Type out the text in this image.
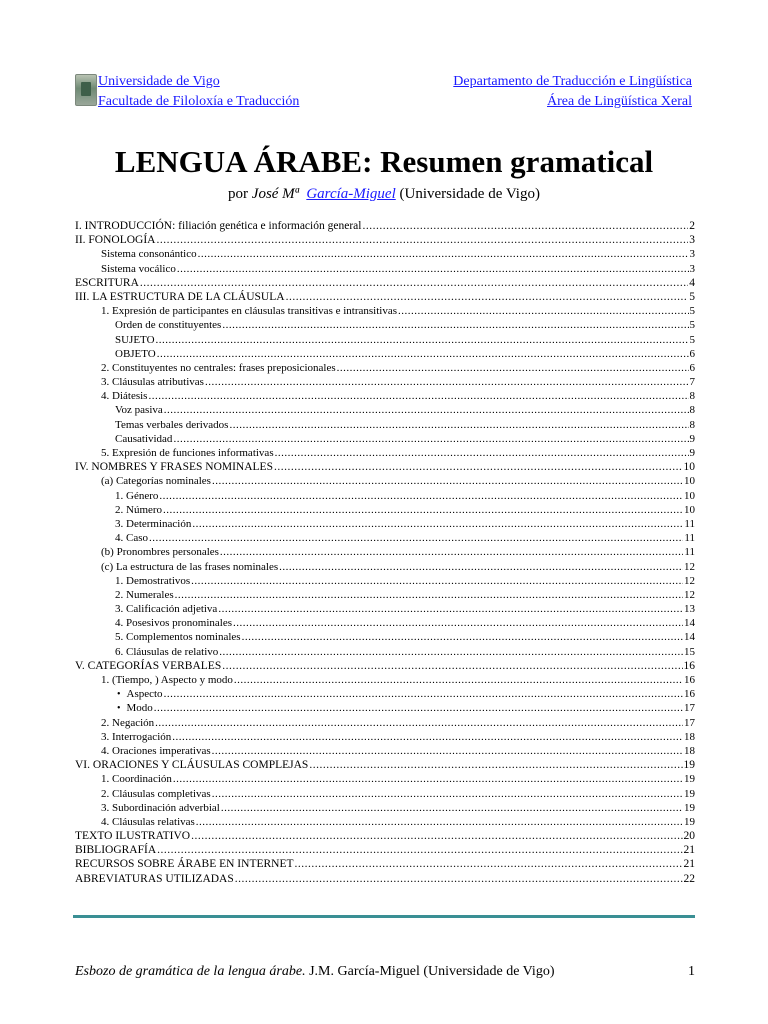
Universidade de Vigo
Facultade de Filoloxía e Traducción
Departamento de Traducción e Lingüística
Área de Lingüística Xeral
LENGUA ÁRABE: Resumen gramatical
por José Mª García-Miguel (Universidade de Vigo)
I. INTRODUCCIÓN: filiación genética e información general .....	2
II. FONOLOGÍA .....	3
Sistema consonántico .....	3
Sistema vocálico .....	3
ESCRITURA .....	4
III. LA ESTRUCTURA DE LA CLÁUSULA .....	5
1. Expresión de participantes en cláusulas transitivas e intransitivas .....	5
Orden de constituyentes .....	5
SUJETO .....	5
OBJETO .....	6
2. Constituyentes no centrales: frases preposicionales .....	6
3. Cláusulas atributivas .....	7
4. Diátesis .....	8
Voz pasiva .....	8
Temas verbales derivados .....	8
Causatividad .....	9
5. Expresión de funciones informativas .....	9
IV. NOMBRES Y FRASES NOMINALES .....	10
(a) Categorías nominales .....	10
1. Género .....	10
2. Número .....	10
3. Determinación .....	11
4. Caso .....	11
(b) Pronombres personales .....	11
(c) La estructura de las frases nominales .....	12
1. Demostrativos .....	12
2. Numerales .....	12
3. Calificación adjetiva .....	13
4. Posesivos pronominales .....	14
5. Complementos nominales .....	14
6. Cláusulas de relativo .....	15
V. CATEGORÍAS VERBALES .....	16
1. (Tiempo, ) Aspecto y modo .....	16
• Aspecto .....	16
• Modo .....	17
2. Negación .....	17
3. Interrogación .....	18
4. Oraciones imperativas .....	18
VI. ORACIONES Y CLÁUSULAS COMPLEJAS .....	19
1. Coordinación .....	19
2. Cláusulas completivas .....	19
3. Subordinación adverbial .....	19
4. Cláusulas relativas .....	19
TEXTO ILUSTRATIVO .....	20
BIBLIOGRAFÍA .....	21
RECURSOS SOBRE ÁRABE EN INTERNET .....	21
ABREVIATURAS UTILIZADAS .....	22
Esbozo de gramática de la lengua árabe. J.M. García-Miguel (Universidade de Vigo)	1
